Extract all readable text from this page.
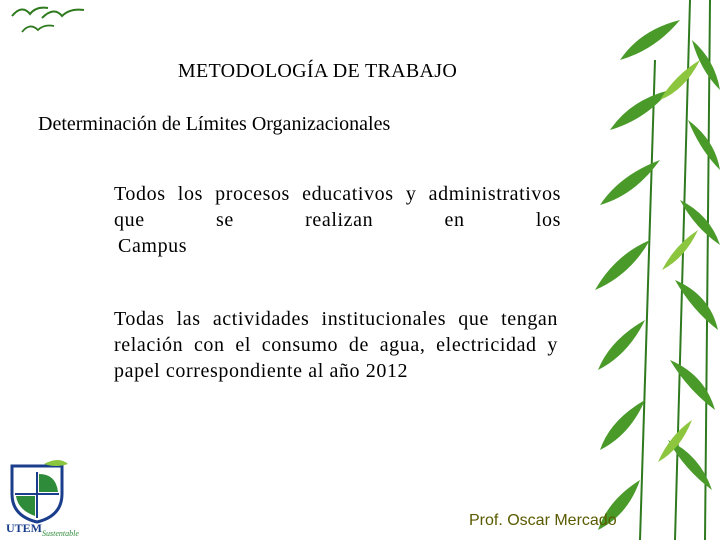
METODOLOGÍA DE TRABAJO
Determinación de Límites Organizacionales
Todos los procesos educativos y administrativos que se realizan en los
Campus
Todas las actividades institucionales que tengan relación con el consumo de agua, electricidad y papel correspondiente al año 2012
UTEM Sustentable
Prof. Oscar Mercado
